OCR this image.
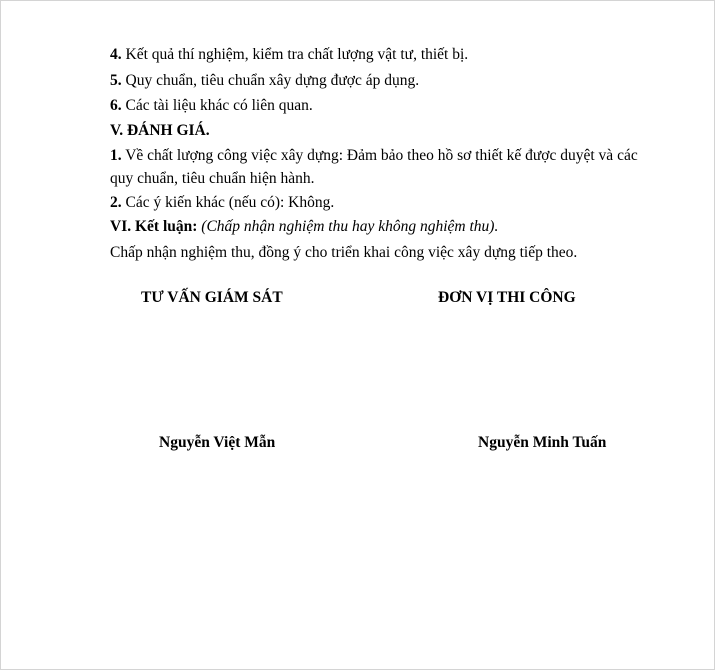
4. Kết quả thí nghiệm, kiểm tra chất lượng vật tư, thiết bị.
5. Quy chuẩn, tiêu chuẩn xây dựng được áp dụng.
6. Các tài liệu khác có liên quan.
V. ĐÁNH GIÁ.
1. Về chất lượng công việc xây dựng: Đảm bảo theo hồ sơ thiết kế được duyệt và các
quy chuẩn, tiêu chuẩn hiện hành.
2. Các ý kiến khác (nếu có): Không.
VI. Kết luận: (Chấp nhận nghiệm thu hay không nghiệm thu).
Chấp nhận nghiệm thu, đồng ý cho triển khai công việc xây dựng tiếp theo.
TƯ VẤN GIÁM SÁT	ĐƠN VỊ THI CÔNG
Nguyễn Việt Mẫn	Nguyễn Minh Tuấn
